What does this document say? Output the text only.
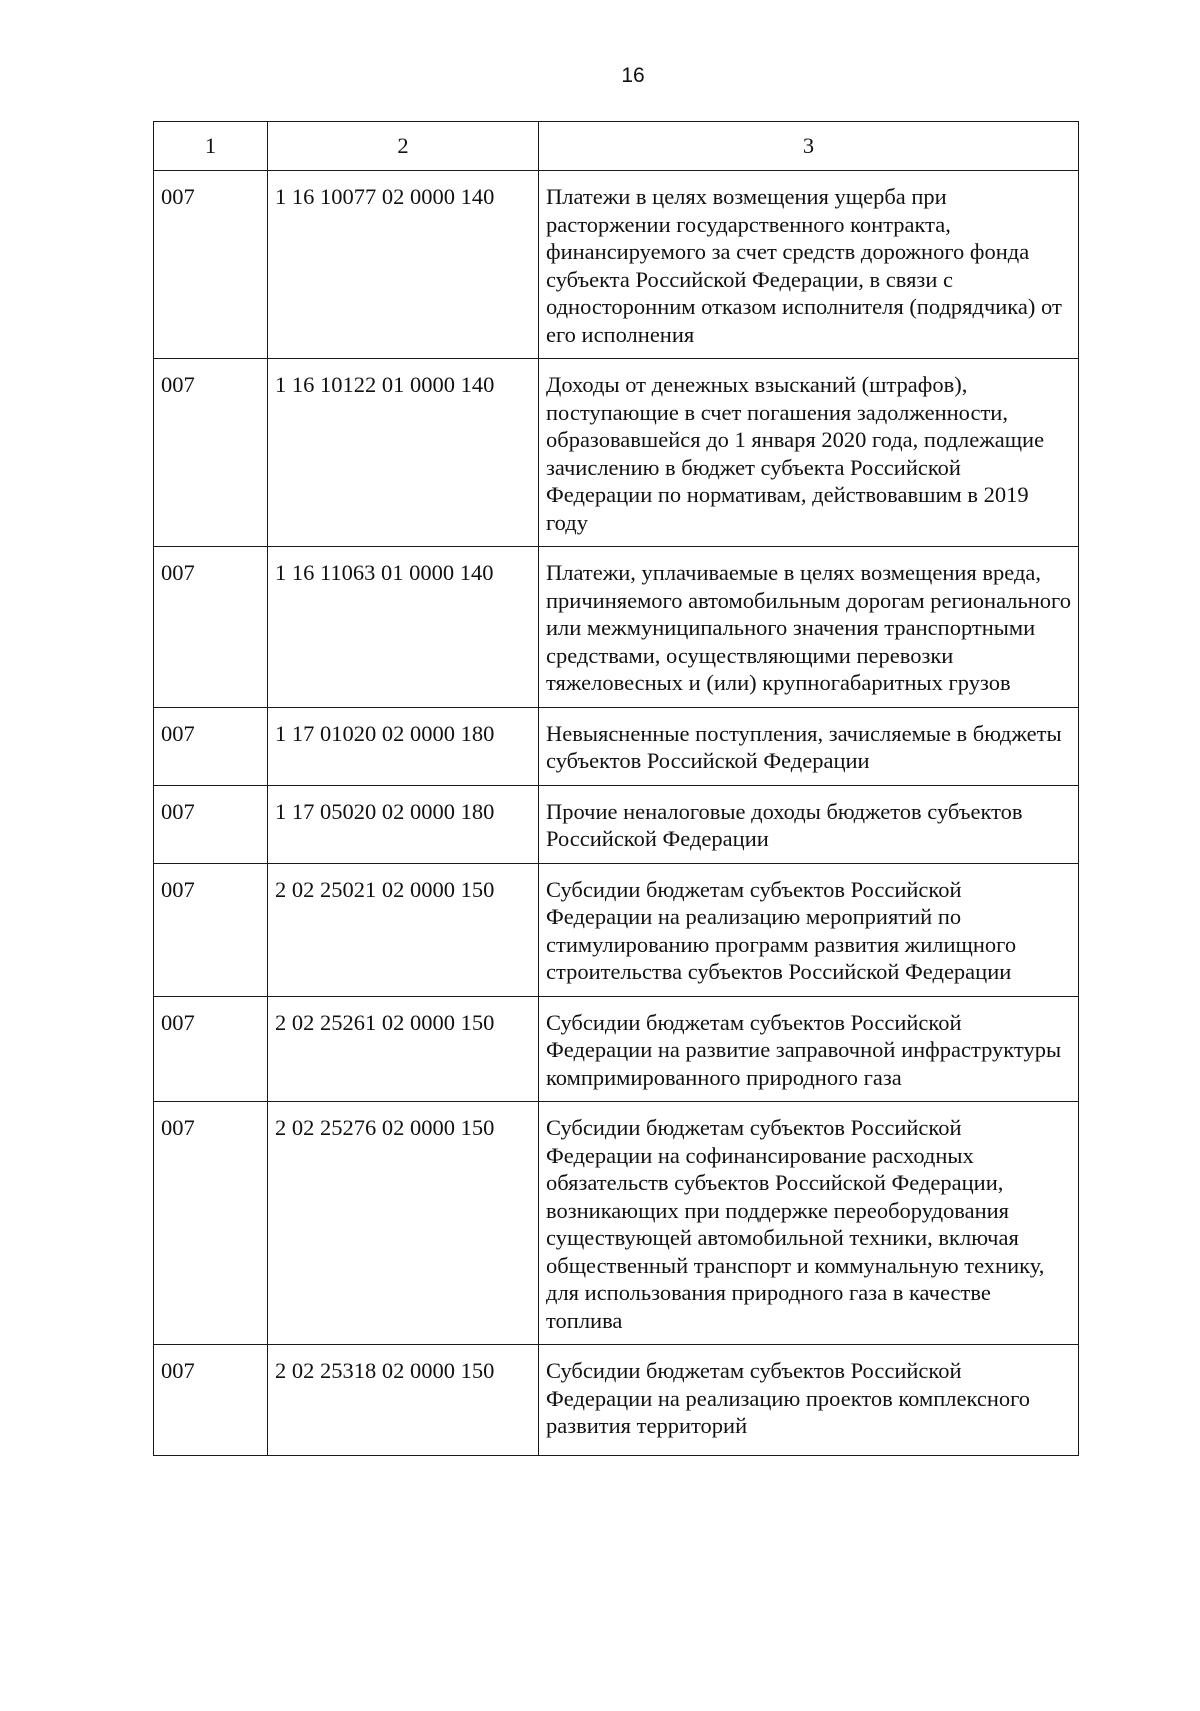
16
1	2	3
007	1 16 10077 02 0000 140	Платежи в целях возмещения ущерба при расторжении государственного контракта, финансируемого за счет средств дорожного фонда субъекта Российской Федерации, в связи с односторонним отказом исполнителя (подрядчика) от его исполнения
007	1 16 10122 01 0000 140	Доходы от денежных взысканий (штрафов), поступающие в счет погашения задолженности, образовавшейся до 1 января 2020 года, подлежащие зачислению в бюджет субъекта Российской Федерации по нормативам, действовавшим в 2019 году
007	1 16 11063 01 0000 140	Платежи, уплачиваемые в целях возмещения вреда, причиняемого автомобильным дорогам регионального или межмуниципального значения транспортными средствами, осуществляющими перевозки тяжеловесных и (или) крупногабаритных грузов
007	1 17 01020 02 0000 180	Невыясненные поступления, зачисляемые в бюджеты субъектов Российской Федерации
007	1 17 05020 02 0000 180	Прочие неналоговые доходы бюджетов субъектов Российской Федерации
007	2 02 25021 02 0000 150	Субсидии бюджетам субъектов Российской Федерации на реализацию мероприятий по стимулированию программ развития жилищного строительства субъектов Российской Федерации
007	2 02 25261 02 0000 150	Субсидии бюджетам субъектов Российской Федерации на развитие заправочной инфраструктуры компримированного природного газа
007	2 02 25276 02 0000 150	Субсидии бюджетам субъектов Российской Федерации на софинансирование расходных обязательств субъектов Российской Федерации, возникающих при поддержке переоборудования существующей автомобильной техники, включая общественный транспорт и коммунальную технику, для использования природного газа в качестве топлива
007	2 02 25318 02 0000 150	Субсидии бюджетам субъектов Российской Федерации на реализацию проектов комплексного развития территорий
